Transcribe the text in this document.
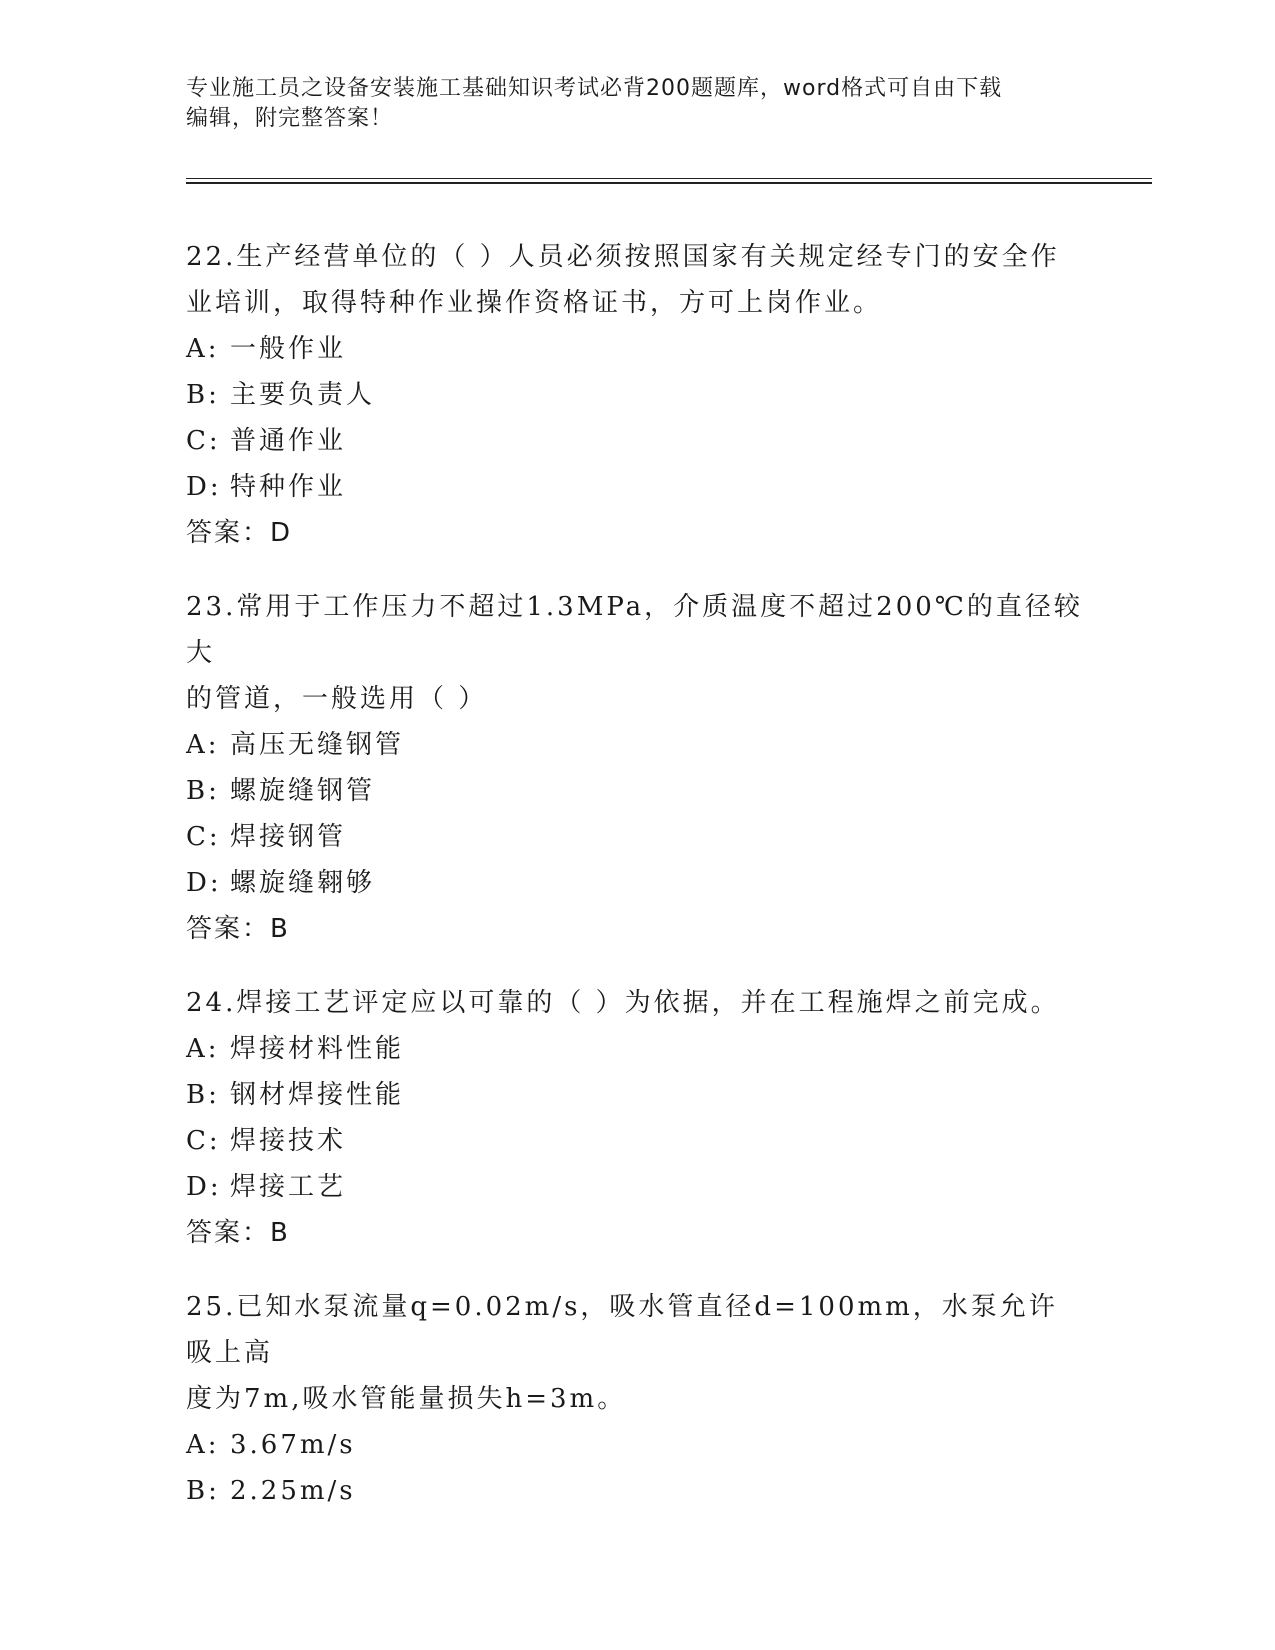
专业施工员之设备安装施工基础知识考试必背200题题库，word格式可自由下载
编辑，附完整答案！

22.生产经营单位的（ ）人员必须按照国家有关规定经专门的安全作

业培训，取得特种作业操作资格证书，方可上岗作业。

A: 一般作业
B: 主要负责人
C: 普通作业
D: 特种作业

答案：D

23.常用于工作压力不超过1.3MPa，介质温度不超过200℃的直径较大

的管道，一般选用（ ）

A: 高压无缝钢管
B: 螺旋缝钢管
C: 焊接钢管
D: 螺旋缝翱够

答案：B

24.焊接工艺评定应以可靠的（ ）为依据，并在工程施焊之前完成。

A: 焊接材料性能
B: 钢材焊接性能
C: 焊接技术
D: 焊接工艺

答案：B

25.已知水泵流量q=0.02m/s，吸水管直径d=100mm，水泵允许吸上高

度为7m,吸水管能量损失h=3m。

A: 3.67m/s
B: 2.25m/s
